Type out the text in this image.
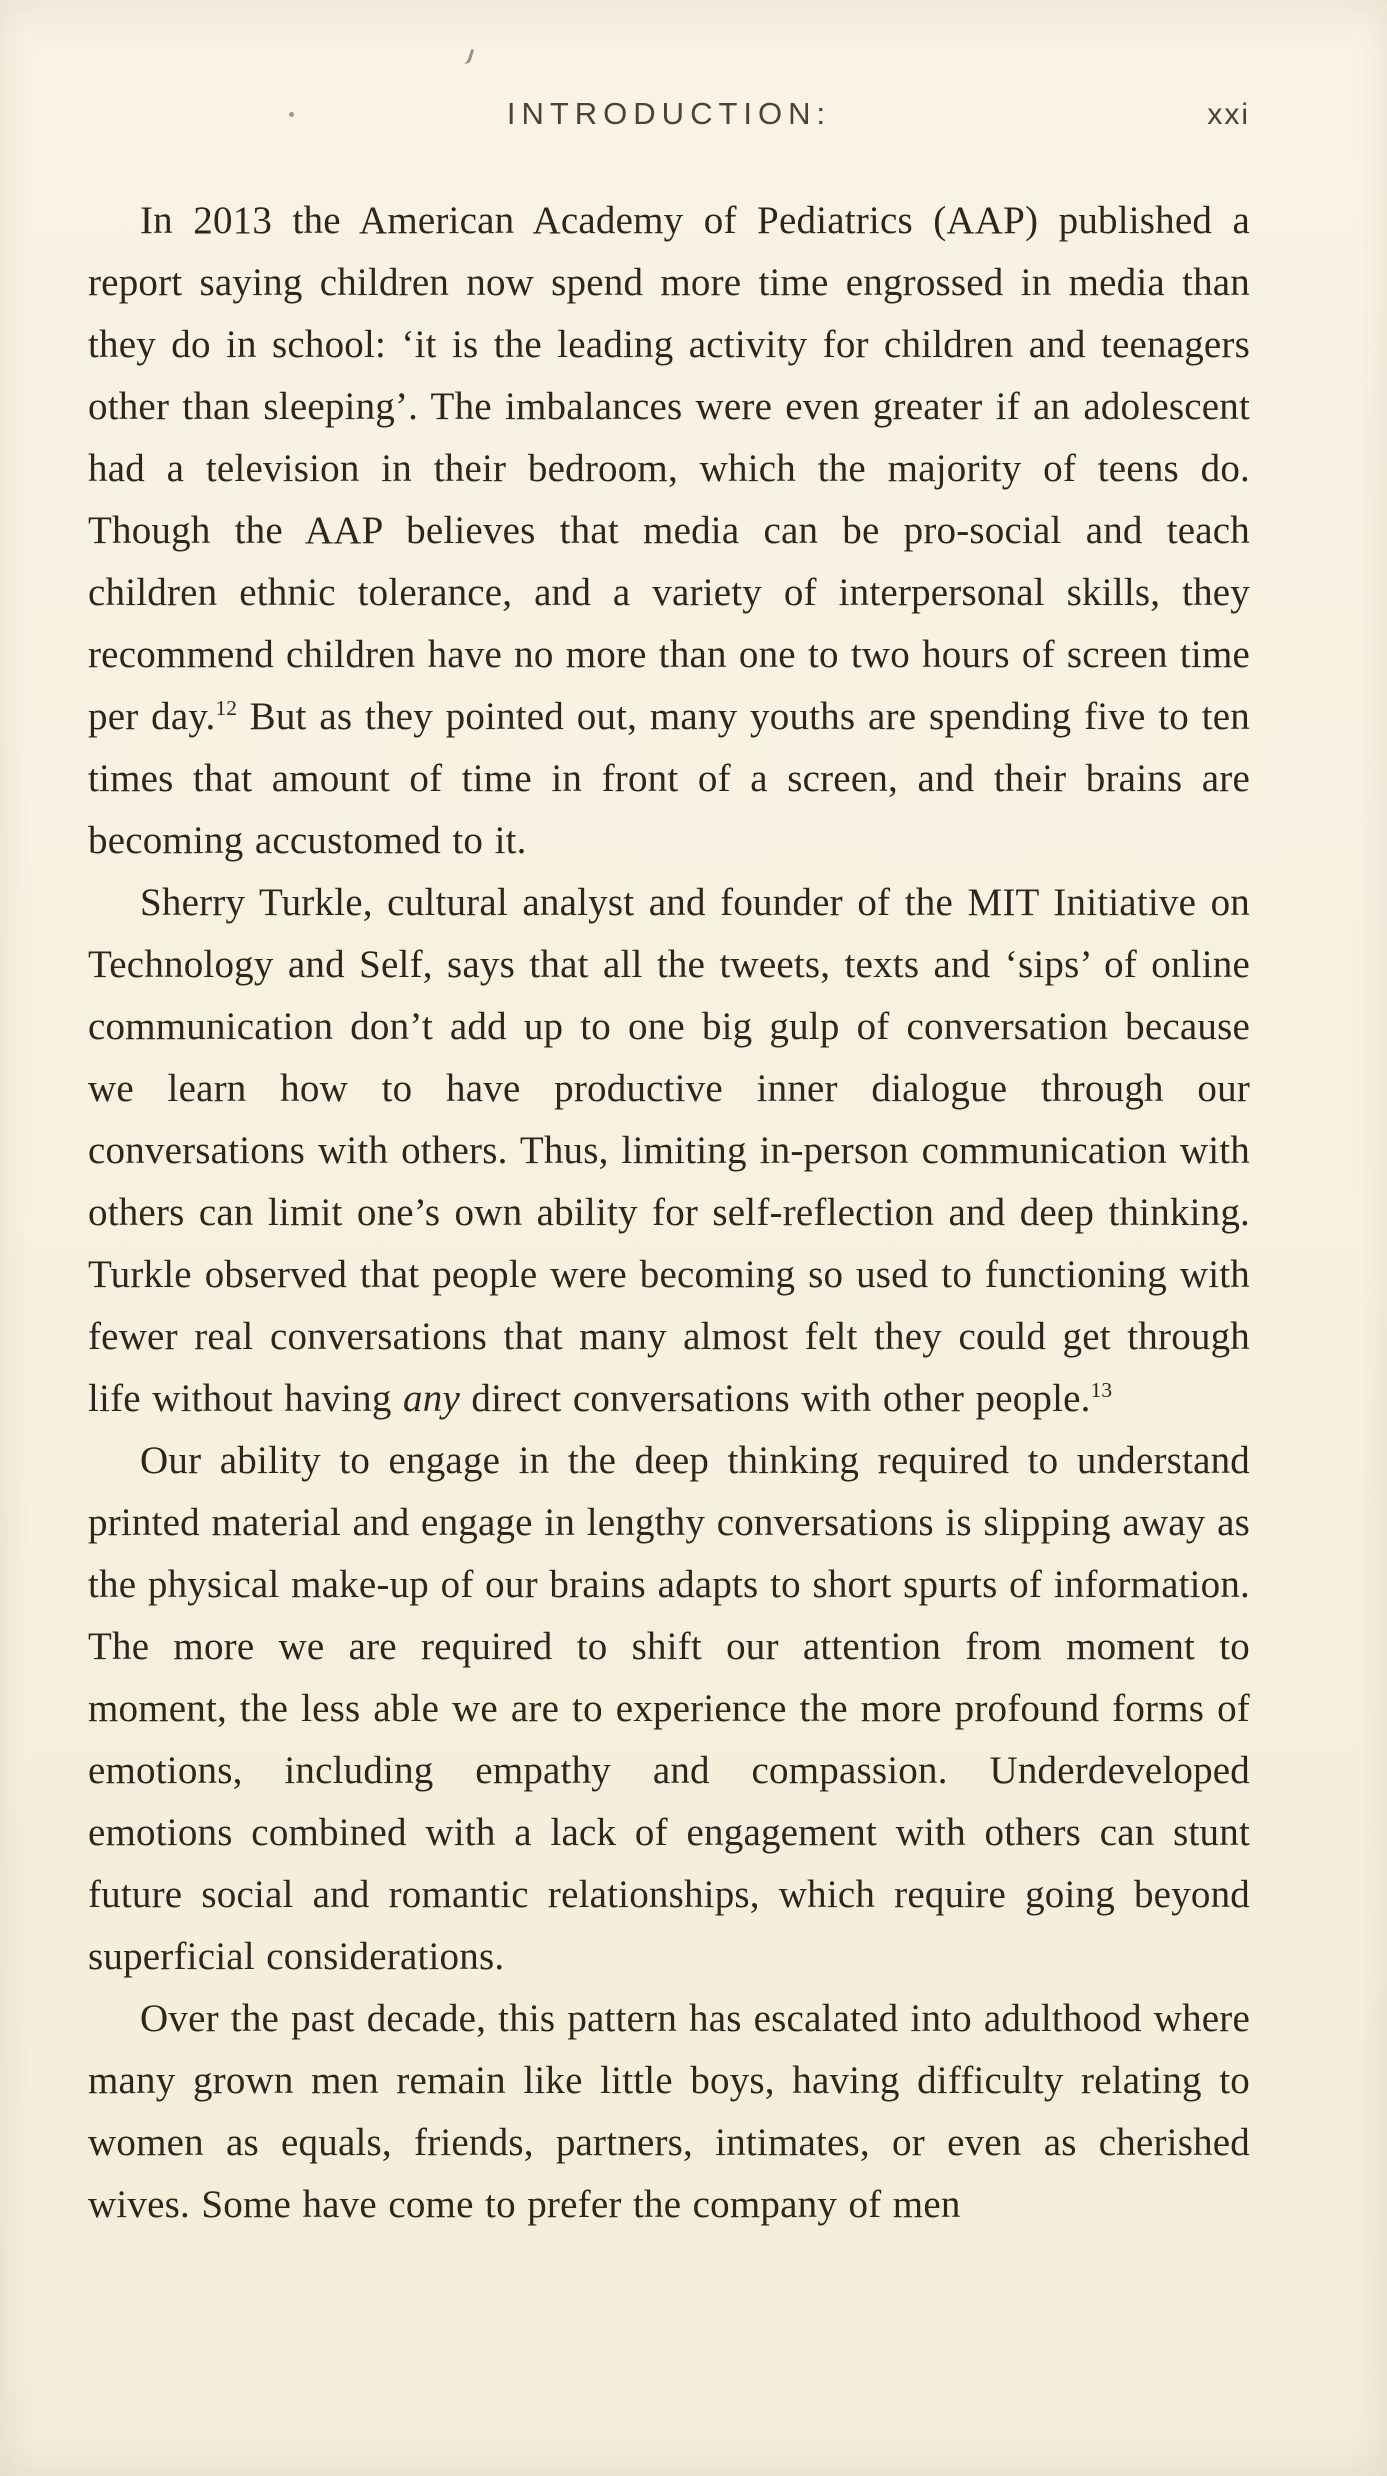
INTRODUCTION:	xxi

In 2013 the American Academy of Pediatrics (AAP) published a report saying children now spend more time engrossed in media than they do in school: ‘it is the leading activity for children and teenagers other than sleeping’. The imbalances were even greater if an adolescent had a television in their bedroom, which the majority of teens do. Though the AAP believes that media can be pro-social and teach children ethnic tolerance, and a variety of interpersonal skills, they recommend children have no more than one to two hours of screen time per day.$^{12}$ But as they pointed out, many youths are spending five to ten times that amount of time in front of a screen, and their brains are becoming accustomed to it.

Sherry Turkle, cultural analyst and founder of the MIT Initiative on Technology and Self, says that all the tweets, texts and ‘sips’ of online communication don’t add up to one big gulp of conversation because we learn how to have productive inner dialogue through our conversations with others. Thus, limiting in-person communication with others can limit one’s own ability for self-reflection and deep thinking. Turkle observed that people were becoming so used to functioning with fewer real conversations that many almost felt they could get through life without having any direct conversations with other people.$^{13}$

Our ability to engage in the deep thinking required to understand printed material and engage in lengthy conversations is slipping away as the physical make-up of our brains adapts to short spurts of information. The more we are required to shift our attention from moment to moment, the less able we are to experience the more profound forms of emotions, including empathy and compassion. Underdeveloped emotions combined with a lack of engagement with others can stunt future social and romantic relationships, which require going beyond superficial considerations.

Over the past decade, this pattern has escalated into adulthood where many grown men remain like little boys, having difficulty relating to women as equals, friends, partners, intimates, or even as cherished wives. Some have come to prefer the company of men
